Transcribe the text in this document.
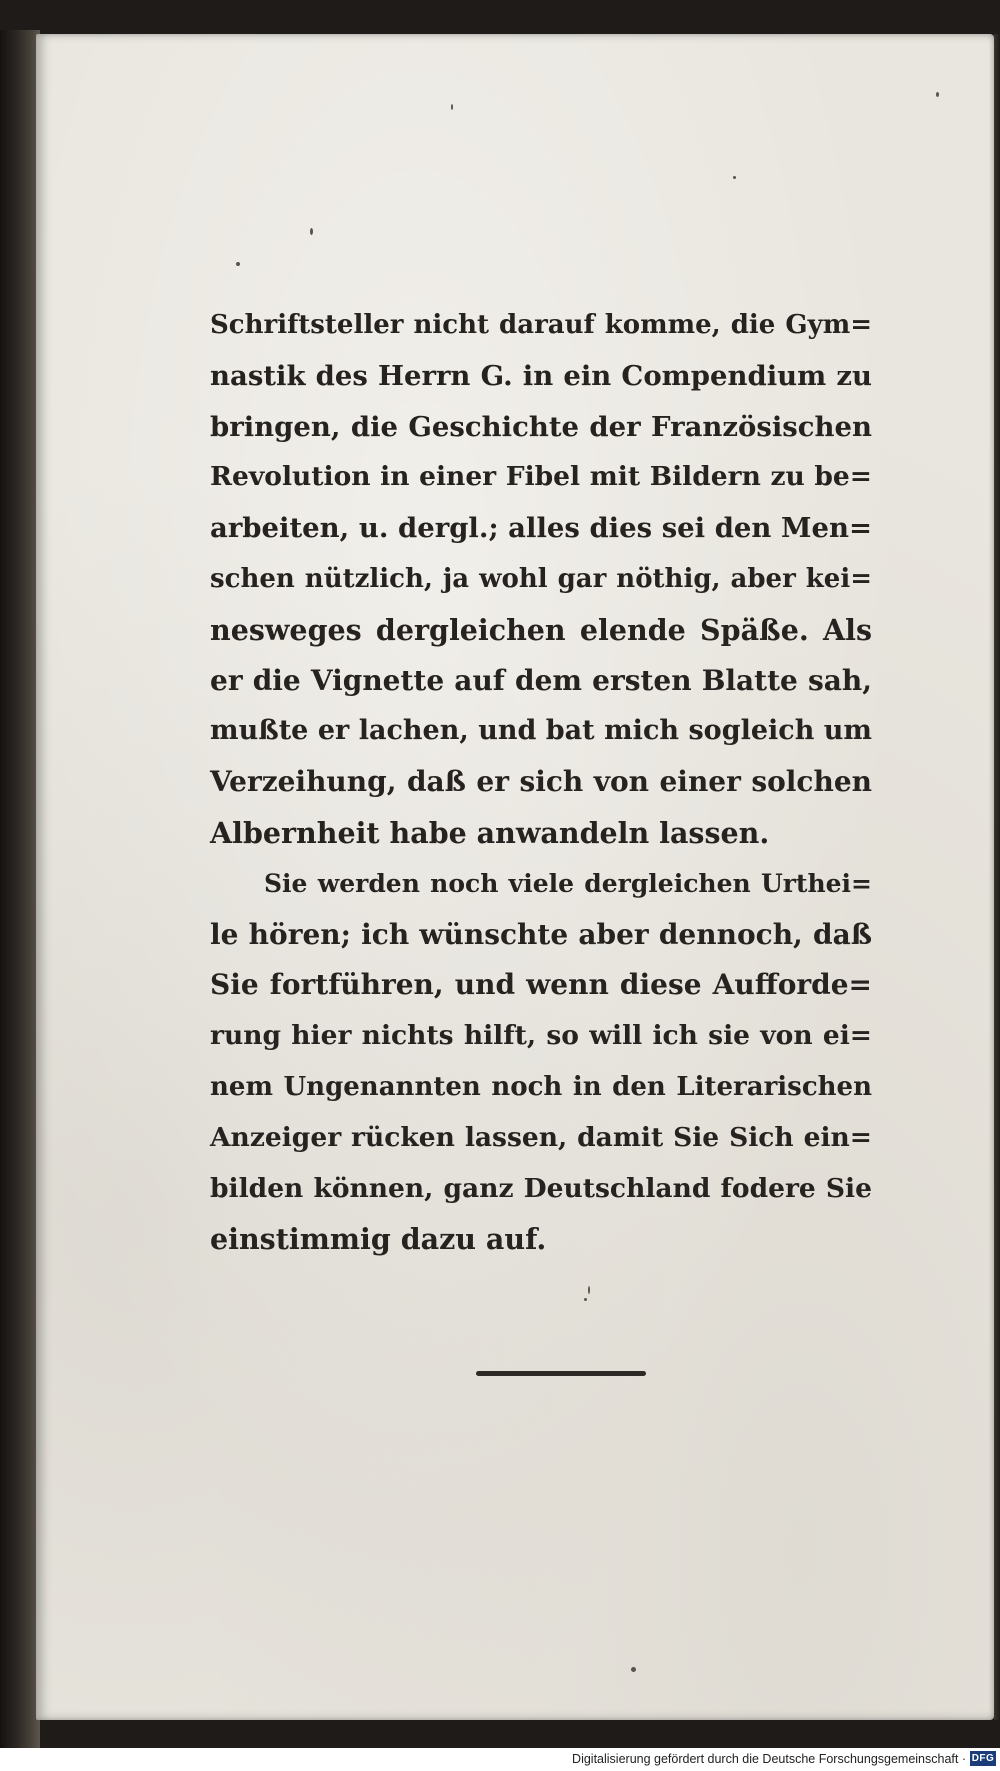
Schriftsteller nicht darauf komme, die Gym=
nastik des Herrn G. in ein Compendium zu
bringen, die Geschichte der Französischen
Revolution in einer Fibel mit Bildern zu be=
arbeiten, u. dergl.; alles dies sei den Men=
schen nützlich, ja wohl gar nöthig, aber kei=
nesweges dergleichen elende Späße. Als
er die Vignette auf dem ersten Blatte sah,
mußte er lachen, und bat mich sogleich um
Verzeihung, daß er sich von einer solchen
Albernheit habe anwandeln lassen.
Sie werden noch viele dergleichen Urthei=
le hören; ich wünschte aber dennoch, daß
Sie fortführen, und wenn diese Aufforde=
rung hier nichts hilft, so will ich sie von ei=
nem Ungenannten noch in den Literarischen
Anzeiger rücken lassen, damit Sie Sich ein=
bilden können, ganz Deutschland fodere Sie
einstimmig dazu auf.
Digitalisierung gefördert durch die Deutsche Forschungsgemeinschaft · DFG
